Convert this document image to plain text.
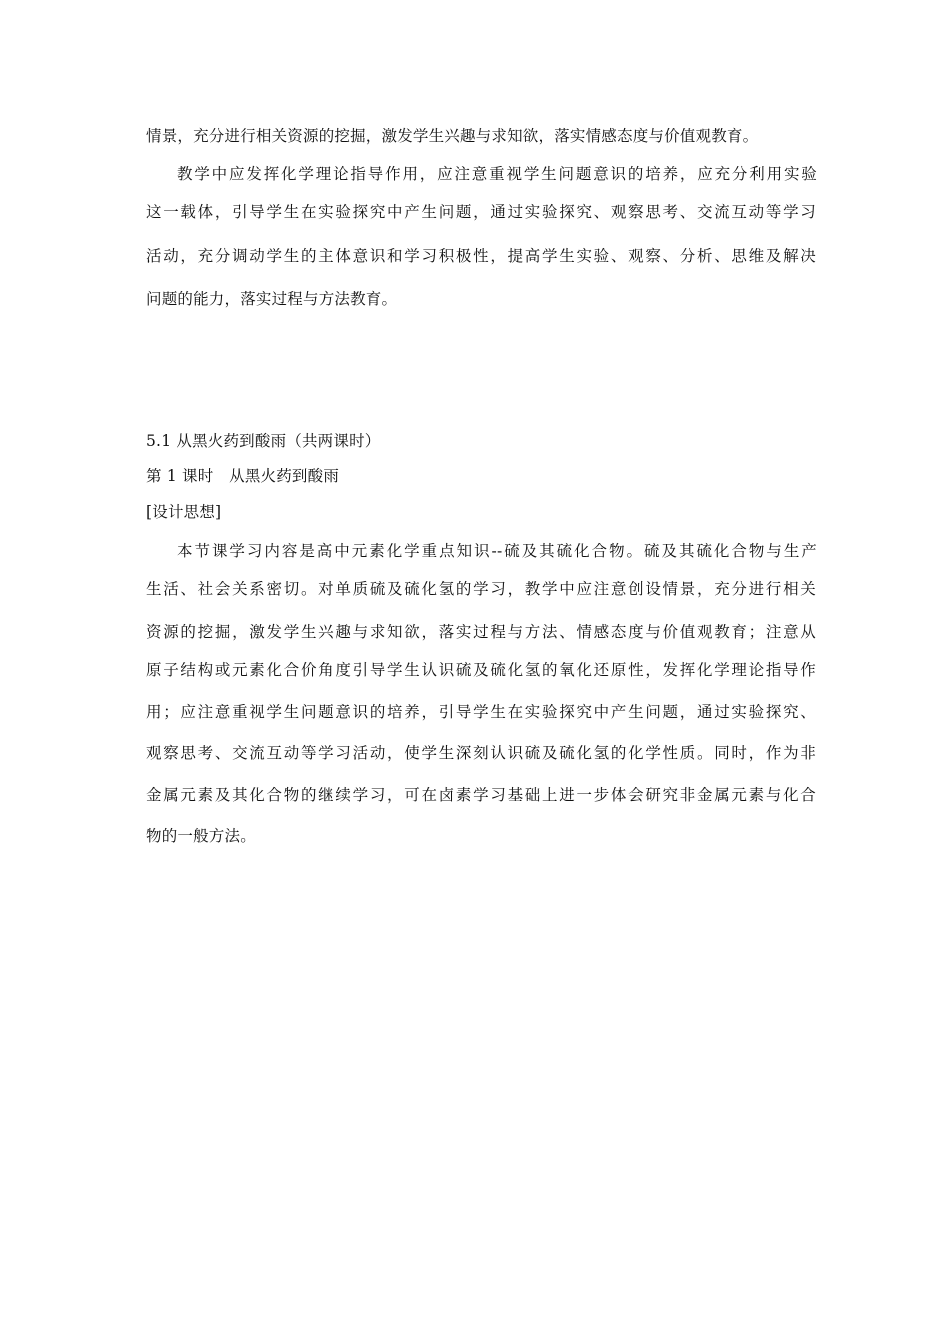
情景，充分进行相关资源的挖掘，激发学生兴趣与求知欲，落实情感态度与价值观教育。
教学中应发挥化学理论指导作用，应注意重视学生问题意识的培养，应充分利用实验
这一载体，引导学生在实验探究中产生问题，通过实验探究、观察思考、交流互动等学习
活动，充分调动学生的主体意识和学习积极性，提高学生实验、观察、分析、思维及解决
问题的能力，落实过程与方法教育。
5.1 从黑火药到酸雨（共两课时）
第 1 课时　从黑火药到酸雨
[设计思想]
本节课学习内容是高中元素化学重点知识--硫及其硫化合物。硫及其硫化合物与生产
生活、社会关系密切。对单质硫及硫化氢的学习，教学中应注意创设情景，充分进行相关
资源的挖掘，激发学生兴趣与求知欲，落实过程与方法、情感态度与价值观教育；注意从
原子结构或元素化合价角度引导学生认识硫及硫化氢的氧化还原性，发挥化学理论指导作
用；应注意重视学生问题意识的培养，引导学生在实验探究中产生问题，通过实验探究、
观察思考、交流互动等学习活动，使学生深刻认识硫及硫化氢的化学性质。同时，作为非
金属元素及其化合物的继续学习，可在卤素学习基础上进一步体会研究非金属元素与化合
物的一般方法。
